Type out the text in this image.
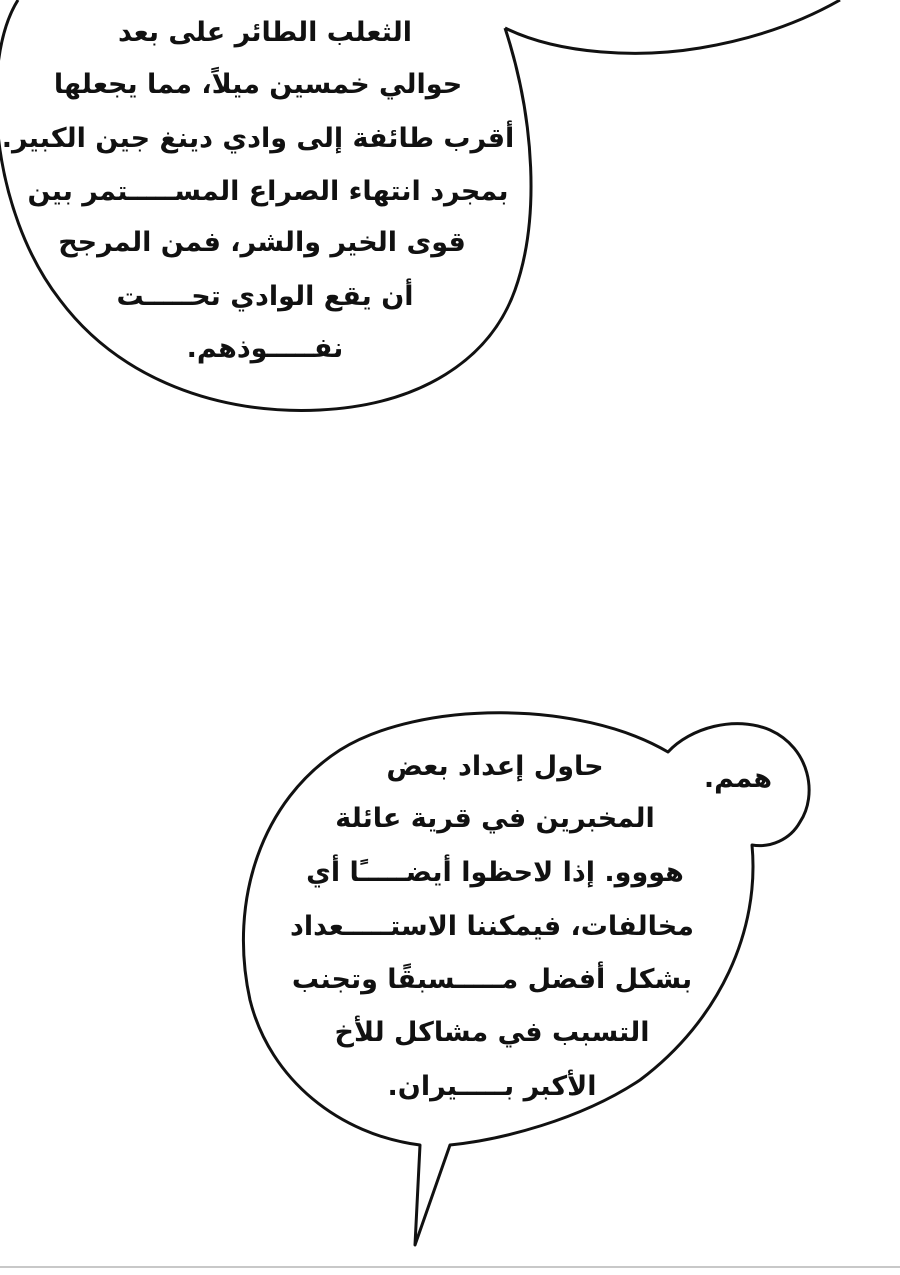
الثعلب الطائر على بعد
حوالي خمسين ميلاً، مما يجعلها
أقرب طائفة إلى وادي دينغ جين الكبير.
بمجرد انتهاء الصراع المســـــتمر بين
قوى الخير والشر، فمن المرجح
أن يقع الوادي تحـــــت
نفـــــوذهم.
همم.
حاول إعداد بعض
المخبرين في قرية عائلة
هووو. إذا لاحظوا أيضـــــًا أي
مخالفات، فيمكننا الاستـــــعداد
بشكل أفضل مـــــسبقًا وتجنب
التسبب في مشاكل للأخ
الأكبر بـــــيران.
